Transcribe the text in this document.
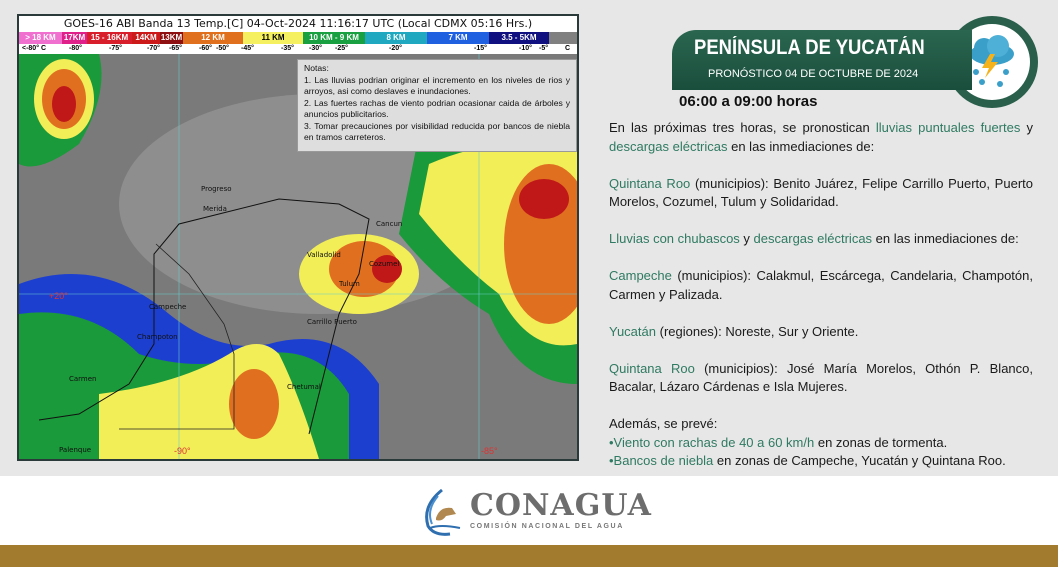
GOES-16 ABI Banda 13 Temp.[C] 04-Oct-2024 11:16:17 UTC (Local CDMX 05:16 Hrs.)
> 18 KM	17KM 15 - 16KM 14KM 13KM	12 KM	11 KM	10 KM - 9 KM	8 KM	7 KM	3.5 - 5KM
<-80° C	-80°	-75°	-70° -65° -60° -50° -45°	-35° -30° -25°	-20°	-15°	-10° -5° C
Progreso
Merida
Valladolid
Cancun
Cozumel
Tulum
Carrillo Puerto
Campeche
Champoton
Carmen
Chetumal
Palenque
+20°
-90°	-85°
Notas:
1. Las lluvias podrian originar el incremento en los niveles de rios y arroyos, asi como deslaves e inundaciones.
2. Las fuertes rachas de viento podrian ocasionar caida de árboles y anuncios publicitarios.
3. Tomar precauciones por visibilidad reducida por bancos de niebla en tramos carreteros.
PENÍNSULA DE YUCATÁN
PRONÓSTICO 04 DE OCTUBRE DE 2024
06:00 a 09:00 horas

En las próximas tres horas, se pronostican lluvias puntuales fuertes y descargas eléctricas en las inmediaciones de:

Quintana Roo (municipios): Benito Juárez, Felipe Carrillo Puerto, Puerto Morelos, Cozumel, Tulum y Solidaridad.

Lluvias con chubascos y descargas eléctricas en las inmediaciones de:

Campeche (municipios): Calakmul, Escárcega, Candelaria, Champotón, Carmen y Palizada.

Yucatán (regiones): Noreste, Sur y Oriente.

Quintana Roo (municipios): José María Morelos, Othón P. Blanco, Bacalar, Lázaro Cárdenas e Isla Mujeres.

Además, se prevé:
•Viento con rachas de 40 a 60 km/h en zonas de tormenta.
•Bancos de niebla en zonas de Campeche, Yucatán y Quintana Roo.
CONAGUA
COMISIÓN NACIONAL DEL AGUA
